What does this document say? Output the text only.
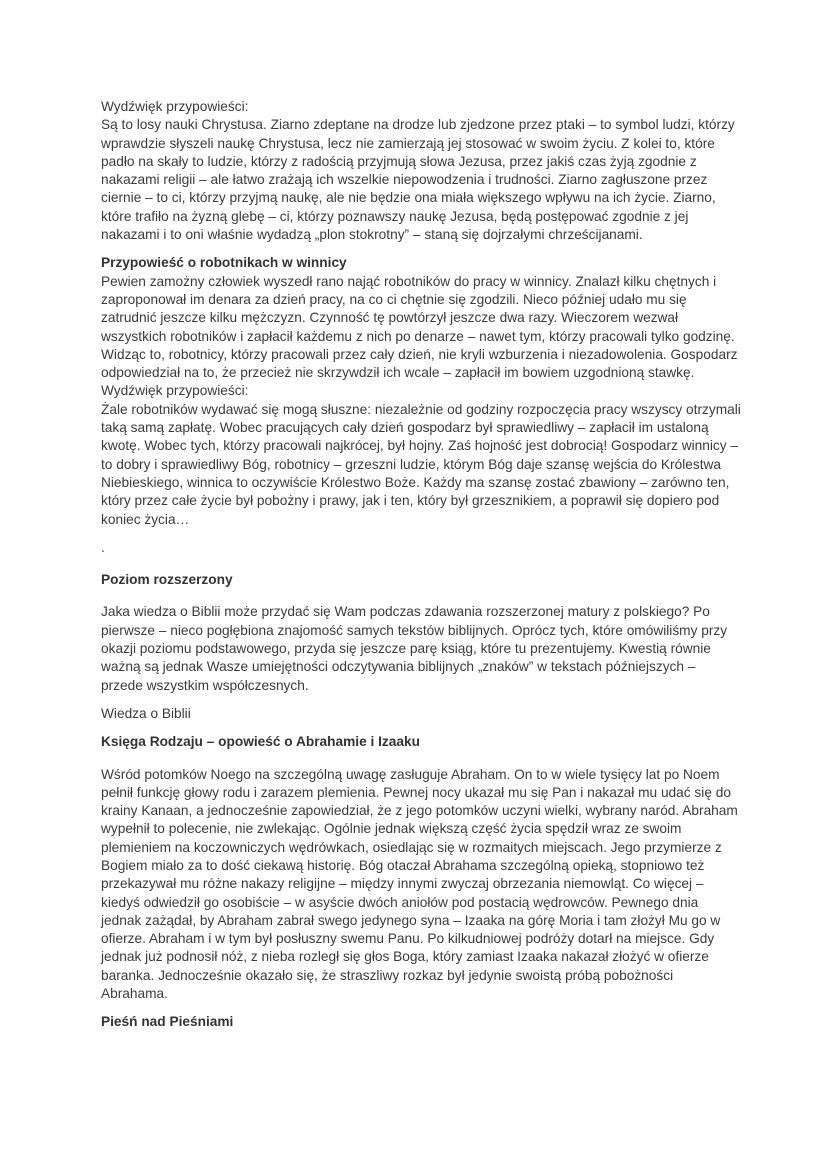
Wydźwięk przypowieści:

Są to losy nauki Chrystusa. Ziarno zdeptane na drodze lub zjedzone przez ptaki – to symbol ludzi, którzy wprawdzie słyszeli naukę Chrystusa, lecz nie zamierzają jej stosować w swoim życiu. Z kolei to, które padło na skały to ludzie, którzy z radością przyjmują słowa Jezusa, przez jakiś czas żyją zgodnie z nakazami religii – ale łatwo zrażają ich wszelkie niepowodzenia i trudności. Ziarno zagłuszone przez ciernie – to ci, którzy przyjmą naukę, ale nie będzie ona miała większego wpływu na ich życie. Ziarno, które trafiło na żyzną glebę – ci, którzy poznawszy naukę Jezusa, będą postępować zgodnie z jej nakazami i to oni właśnie wydadzą „plon stokrotny” – staną się dojrzałymi chrześcijanami.

Przypowieść o robotnikach w winnicy

Pewien zamożny człowiek wyszedł rano nająć robotników do pracy w winnicy. Znalazł kilku chętnych i zaproponował im denara za dzień pracy, na co ci chętnie się zgodzili. Nieco później udało mu się zatrudnić jeszcze kilku mężczyzn. Czynność tę powtórzył jeszcze dwa razy. Wieczorem wezwał wszystkich robotników i zapłacił każdemu z nich po denarze – nawet tym, którzy pracowali tylko godzinę. Widząc to, robotnicy, którzy pracowali przez cały dzień, nie kryli wzburzenia i niezadowolenia. Gospodarz odpowiedział na to, że przecież nie skrzywdził ich wcale – zapłacił im bowiem uzgodnioną stawkę.

Wydźwięk przypowieści:

Żale robotników wydawać się mogą słuszne: niezależnie od godziny rozpoczęcia pracy wszyscy otrzymali taką samą zapłatę. Wobec pracujących cały dzień gospodarz był sprawiedliwy – zapłacił im ustaloną kwotę. Wobec tych, którzy pracowali najkrócej, był hojny. Zaś hojność jest dobrocią! Gospodarz winnicy – to dobry i sprawiedliwy Bóg, robotnicy – grzeszni ludzie, którym Bóg daje szansę wejścia do Królestwa Niebieskiego, winnica to oczywiście Królestwo Boże. Każdy ma szansę zostać zbawiony – zarówno ten, który przez całe życie był pobożny i prawy, jak i ten, który był grzesznikiem, a poprawił się dopiero pod koniec życia…

.

Poziom rozszerzony

Jaka wiedza o Biblii może przydać się Wam podczas zdawania rozszerzonej matury z polskiego? Po pierwsze – nieco pogłębiona znajomość samych tekstów biblijnych. Oprócz tych, które omówiliśmy przy okazji poziomu podstawowego, przyda się jeszcze parę ksiąg, które tu prezentujemy. Kwestią równie ważną są jednak Wasze umiejętności odczytywania biblijnych „znaków” w tekstach późniejszych – przede wszystkim współczesnych.

Wiedza o Biblii

Księga Rodzaju – opowieść o Abrahamie i Izaaku

Wśród potomków Noego na szczególną uwagę zasługuje Abraham. On to w wiele tysięcy lat po Noem pełnił funkcję głowy rodu i zarazem plemienia. Pewnej nocy ukazał mu się Pan i nakazał mu udać się do krainy Kanaan, a jednocześnie zapowiedział, że z jego potomków uczyni wielki, wybrany naród. Abraham wypełnił to polecenie, nie zwlekając. Ogólnie jednak większą część życia spędził wraz ze swoim plemieniem na koczowniczych wędrówkach, osiedlając się w rozmaitych miejscach. Jego przymierze z Bogiem miało za to dość ciekawą historię. Bóg otaczał Abrahama szczególną opieką, stopniowo też przekazywał mu różne nakazy religijne – między innymi zwyczaj obrzezania niemowląt. Co więcej – kiedyś odwiedził go osobiście – w asyście dwóch aniołów pod postacią wędrowców. Pewnego dnia jednak zażądał, by Abraham zabrał swego jedynego syna – Izaaka na górę Moria i tam złożył Mu go w ofierze. Abraham i w tym był posłuszny swemu Panu. Po kilkudniowej podróży dotarł na miejsce. Gdy jednak już podnosił nóż, z nieba rozległ się głos Boga, który zamiast Izaaka nakazał złożyć w ofierze baranka. Jednocześnie okazało się, że straszliwy rozkaz był jedynie swoistą próbą pobożności Abrahama.

Pieśń nad Pieśniami
